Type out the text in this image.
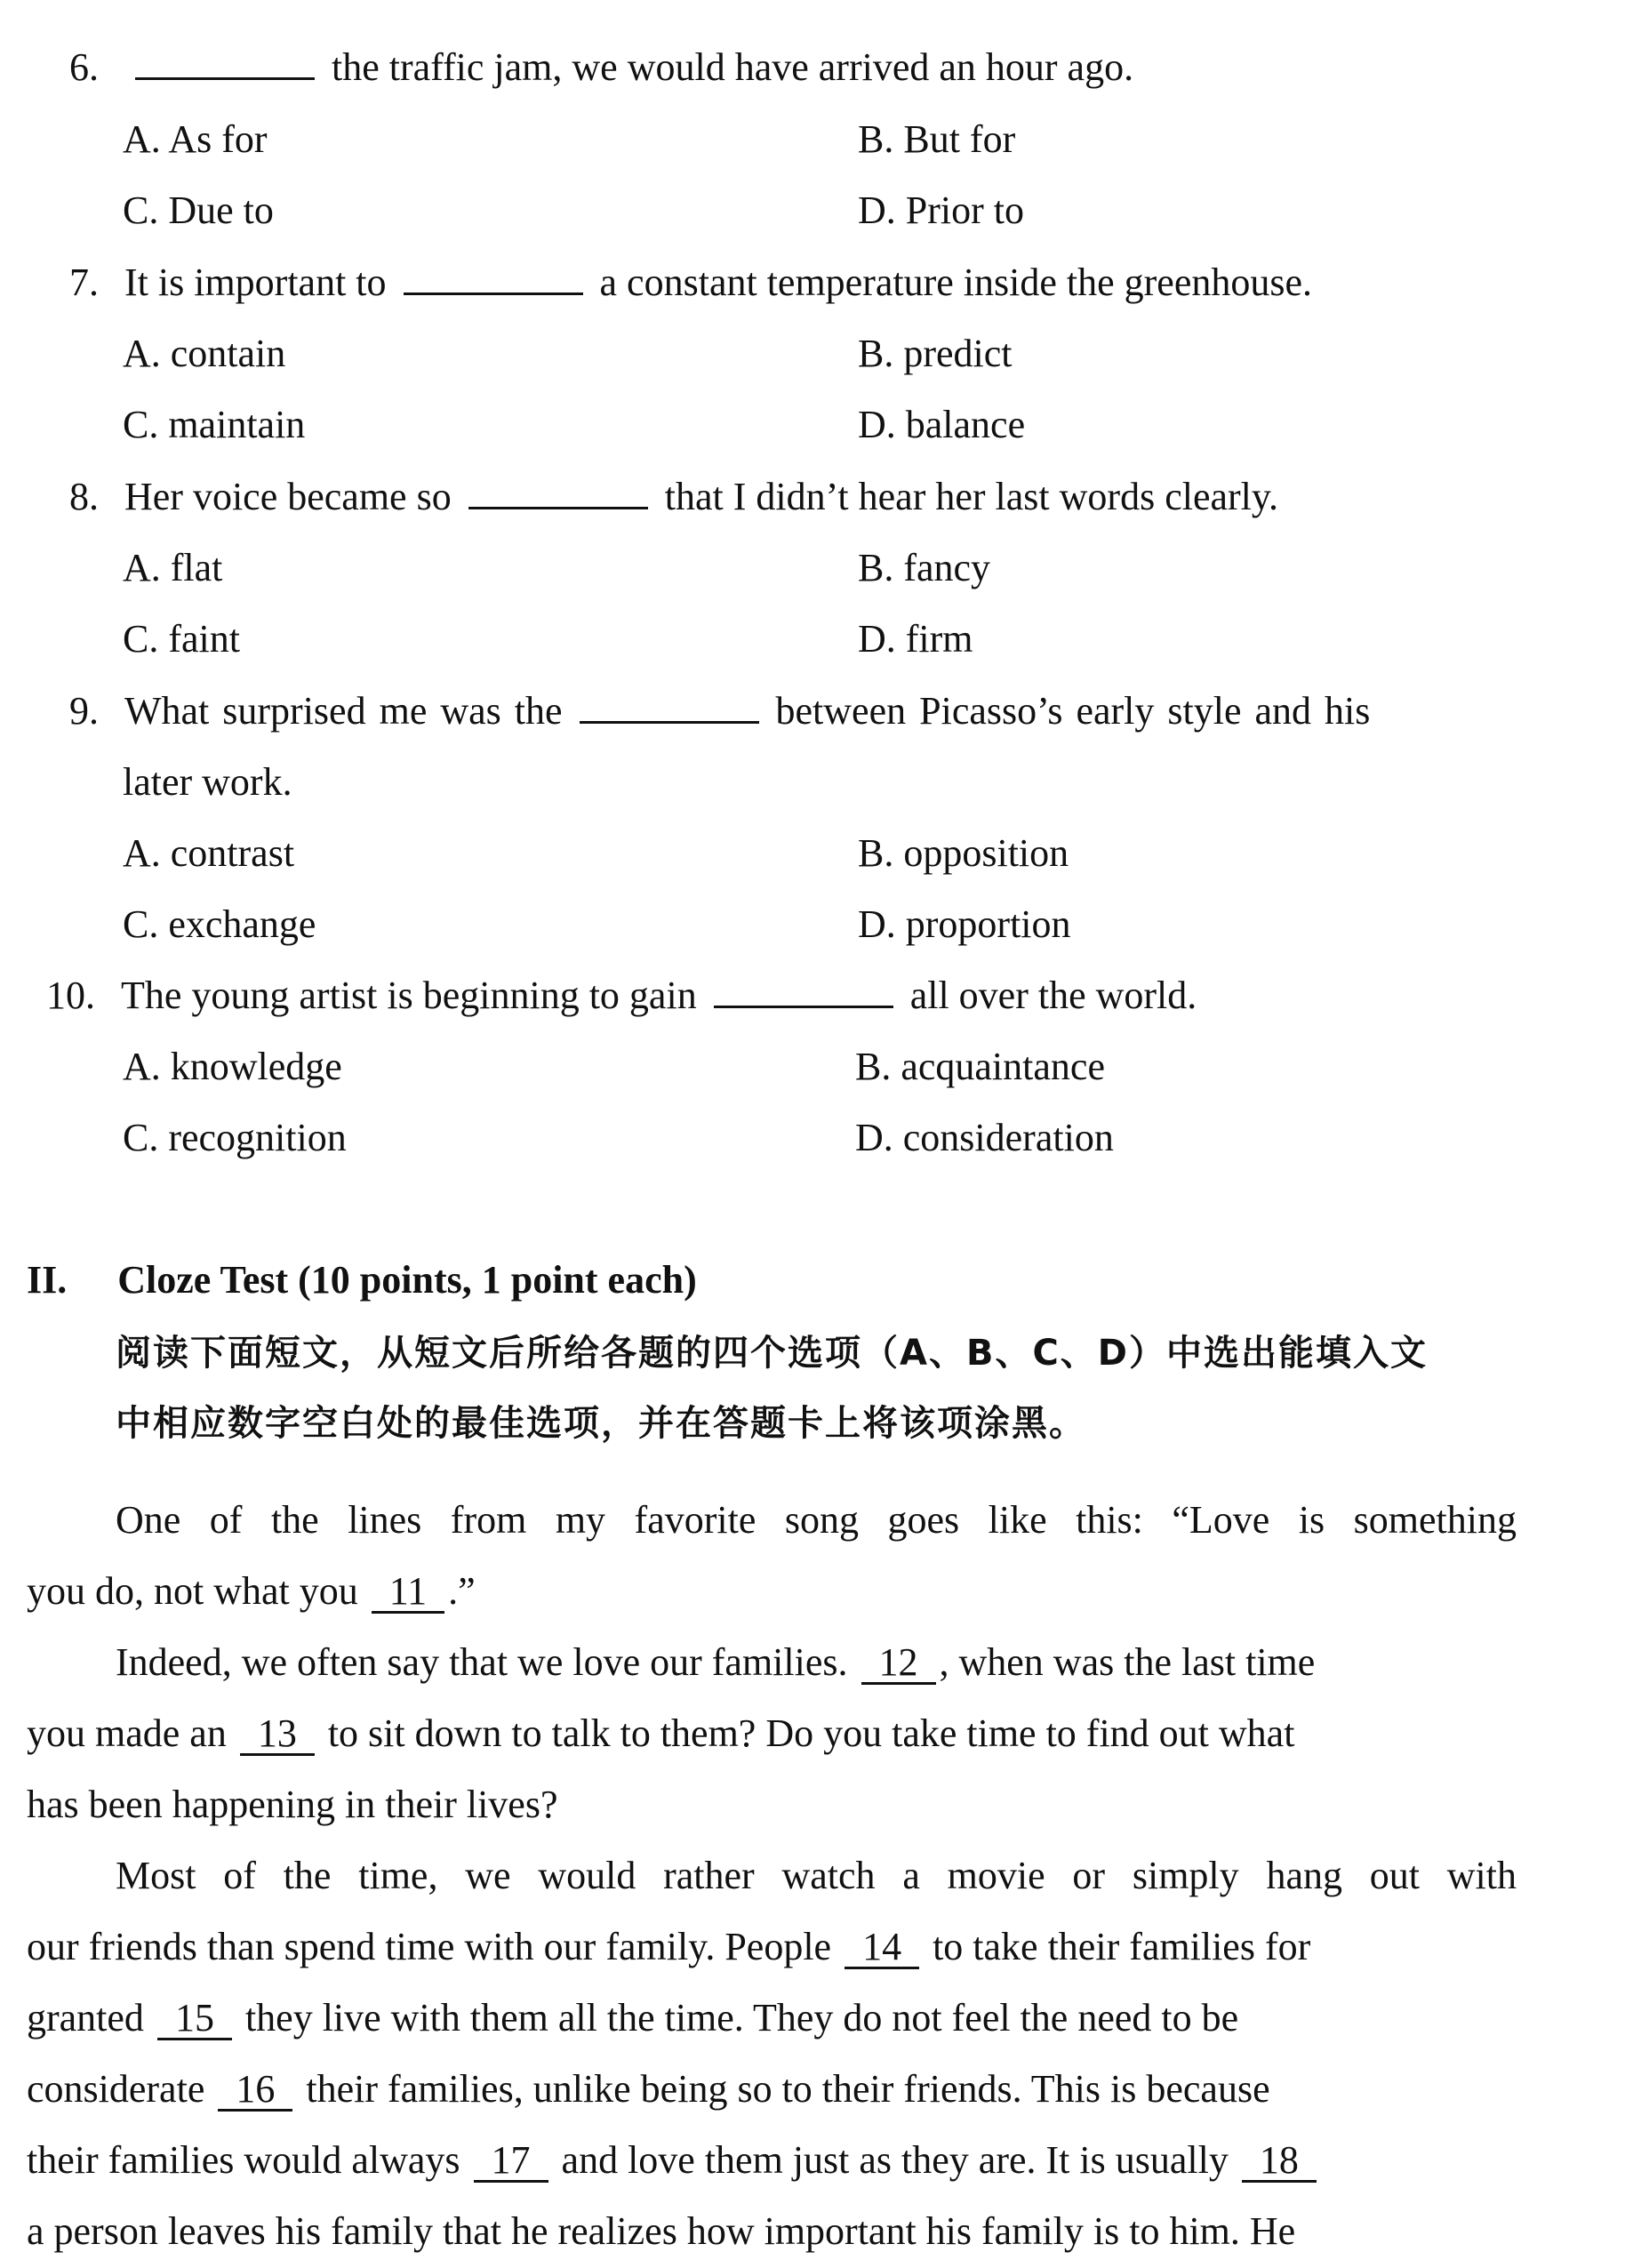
6.	the traffic jam, we would have arrived an hour ago.
A. As for	B. But for
C. Due to	D. Prior to
7. It is important to	a constant temperature inside the greenhouse.
A. contain	B. predict
C. maintain	D. balance
8. Her voice became so	that I didn’t hear her last words clearly.
A. flat	B. fancy
C. faint	D. firm
9. What surprised me was the	between Picasso’s early style and his
later work.
A. contrast	B. opposition
C. exchange	D. proportion
10. The young artist is beginning to gain	all over the world.
A. knowledge	B. acquaintance
C. recognition	D. consideration
II. Cloze Test (10 points, 1 point each)
阅读下面短文，从短文后所给各题的四个选项（A、B、C、D）中选出能填入文
中相应数字空白处的最佳选项，并在答题卡上将该项涂黑。
One of the lines from my favorite song goes like this: “Love is something
you do, not what you 11 .”
Indeed, we often say that we love our families. 12 , when was the last time
you made an 13 to sit down to talk to them? Do you take time to find out what
has been happening in their lives?
Most of the time, we would rather watch a movie or simply hang out with
our friends than spend time with our family. People 14 to take their families for
granted 15 they live with them all the time. They do not feel the need to be
considerate 16 their families, unlike being so to their friends. This is because
their families would always 17 and love them just as they are. It is usually 18
a person leaves his family that he realizes how important his family is to him. He
